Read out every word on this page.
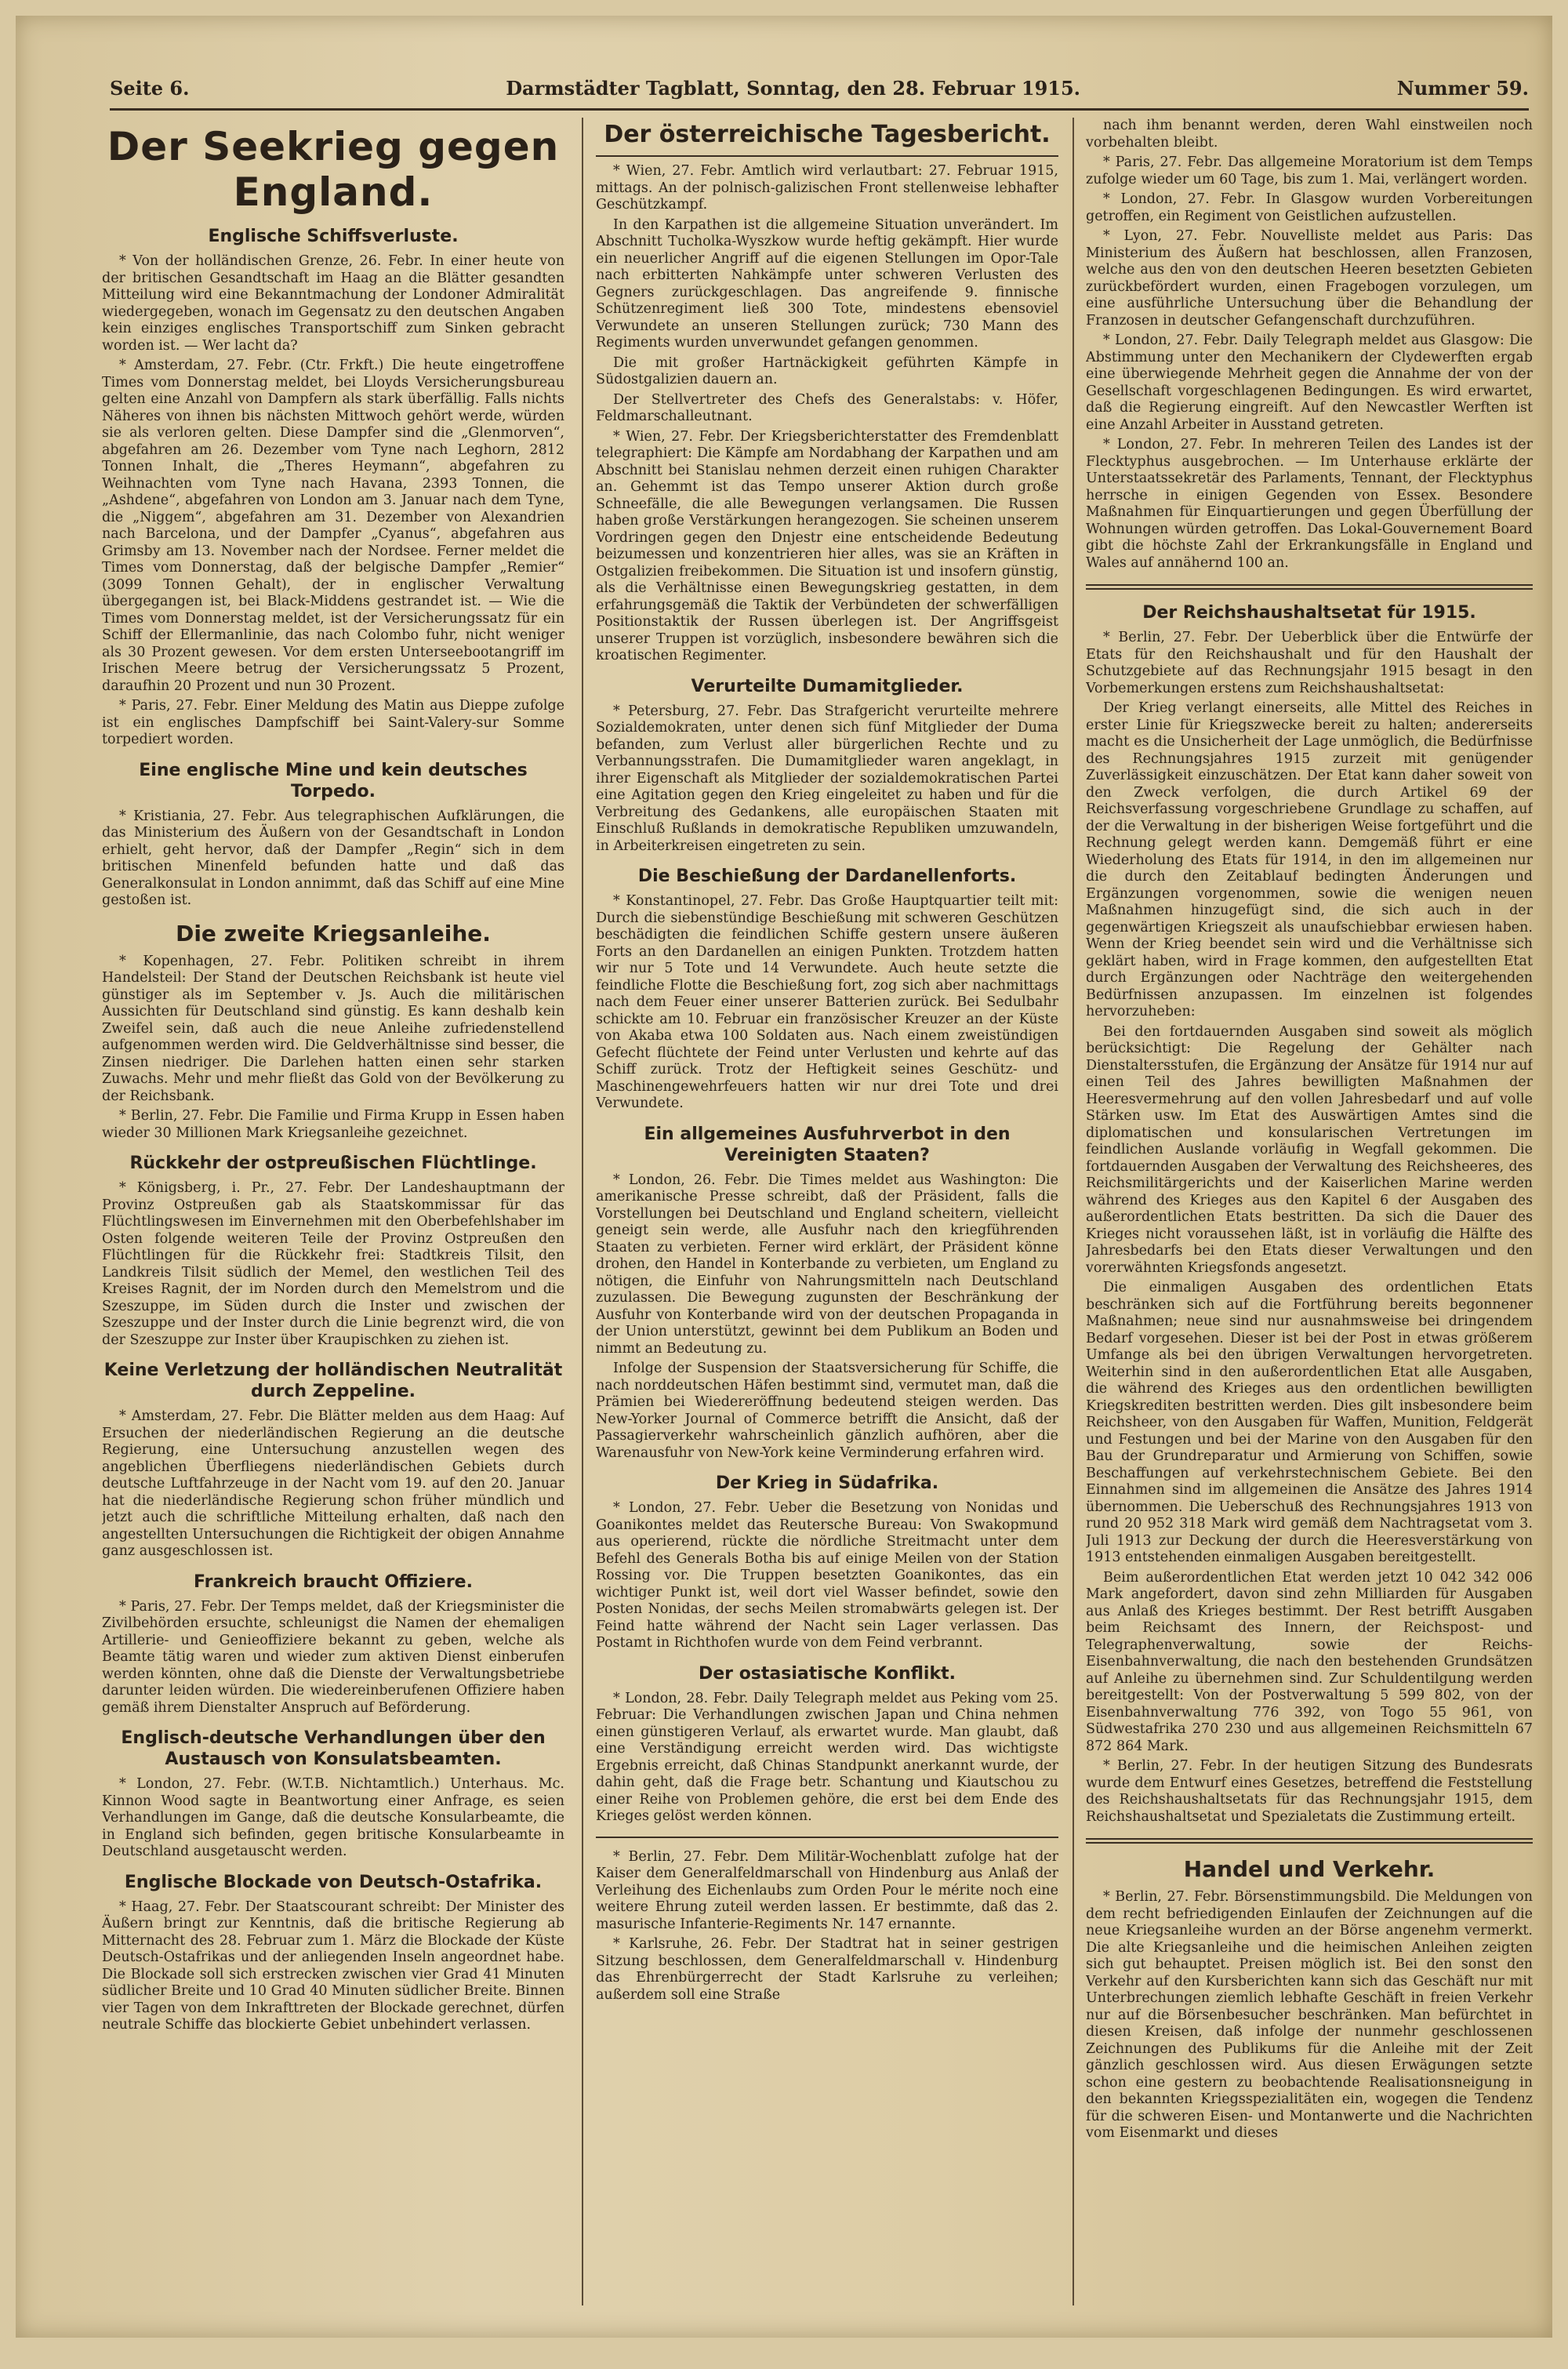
Seite 6.	Darmstädter Tagblatt, Sonntag, den 28. Februar 1915.	Nummer 59.
Der Seekrieg gegen England.
Englische Schiffsverluste.

* Von der holländischen Grenze, 26. Febr. In einer heute von der britischen Gesandtschaft im Haag an die Blätter gesandten Mitteilung wird eine Bekanntmachung der Londoner Admiralität wiedergegeben, wonach im Gegensatz zu den deutschen Angaben kein einziges englisches Transportschiff zum Sinken gebracht worden ist. — Wer lacht da?

* Amsterdam, 27. Febr. (Ctr. Frkft.) Die heute eingetroffene Times vom Donnerstag meldet, bei Lloyds Versicherungsbureau gelten eine Anzahl von Dampfern als stark überfällig. Falls nichts Näheres von ihnen bis nächsten Mittwoch gehört werde, würden sie als verloren gelten. Diese Dampfer sind die „Glenmorven“, abgefahren am 26. Dezember vom Tyne nach Leghorn, 2812 Tonnen Inhalt, die „Theres Heymann“, abgefahren zu Weihnachten vom Tyne nach Havana, 2393 Tonnen, die „Ashdene“, abgefahren von London am 3. Januar nach dem Tyne, die „Niggem“, abgefahren am 31. Dezember von Alexandrien nach Barcelona, und der Dampfer „Cyanus“, abgefahren aus Grimsby am 13. November nach der Nordsee. Ferner meldet die Times vom Donnerstag, daß der belgische Dampfer „Remier“ (3099 Tonnen Gehalt), der in englischer Verwaltung übergegangen ist, bei Black-Middens gestrandet ist. — Wie die Times vom Donnerstag meldet, ist der Versicherungssatz für ein Schiff der Ellermanlinie, das nach Colombo fuhr, nicht weniger als 30 Prozent gewesen. Vor dem ersten Unterseebootangriff im Irischen Meere betrug der Versicherungssatz 5 Prozent, daraufhin 20 Prozent und nun 30 Prozent.

* Paris, 27. Febr. Einer Meldung des Matin aus Dieppe zufolge ist ein englisches Dampfschiff bei Saint-Valery-sur Somme torpediert worden.

Eine englische Mine und kein deutsches Torpedo.

* Kristiania, 27. Febr. Aus telegraphischen Aufklärungen, die das Ministerium des Äußern von der Gesandtschaft in London erhielt, geht hervor, daß der Dampfer „Regin“ sich in dem britischen Minenfeld befunden hatte und daß das Generalkonsulat in London annimmt, daß das Schiff auf eine Mine gestoßen ist.

Die zweite Kriegsanleihe.

* Kopenhagen, 27. Febr. Politiken schreibt in ihrem Handelsteil: Der Stand der Deutschen Reichsbank ist heute viel günstiger als im September v. Js. Auch die militärischen Aussichten für Deutschland sind günstig. Es kann deshalb kein Zweifel sein, daß auch die neue Anleihe zufriedenstellend aufgenommen werden wird. Die Geldverhältnisse sind besser, die Zinsen niedriger. Die Darlehen hatten einen sehr starken Zuwachs. Mehr und mehr fließt das Gold von der Bevölkerung zu der Reichsbank.

* Berlin, 27. Febr. Die Familie und Firma Krupp in Essen haben wieder 30 Millionen Mark Kriegsanleihe gezeichnet.

Rückkehr der ostpreußischen Flüchtlinge.

* Königsberg, i. Pr., 27. Febr. Der Landeshauptmann der Provinz Ostpreußen gab als Staatskommissar für das Flüchtlingswesen im Einvernehmen mit den Oberbefehlshaber im Osten folgende weiteren Teile der Provinz Ostpreußen den Flüchtlingen für die Rückkehr frei: Stadtkreis Tilsit, den Landkreis Tilsit südlich der Memel, den westlichen Teil des Kreises Ragnit, der im Norden durch den Memelstrom und die Szeszuppe, im Süden durch die Inster und zwischen der Szeszuppe und der Inster durch die Linie begrenzt wird, die von der Szeszuppe zur Inster über Kraupischken zu ziehen ist.

Keine Verletzung der holländischen Neutralität durch Zeppeline.

* Amsterdam, 27. Febr. Die Blätter melden aus dem Haag: Auf Ersuchen der niederländischen Regierung an die deutsche Regierung, eine Untersuchung anzustellen wegen des angeblichen Überfliegens niederländischen Gebiets durch deutsche Luftfahrzeuge in der Nacht vom 19. auf den 20. Januar hat die niederländische Regierung schon früher mündlich und jetzt auch die schriftliche Mitteilung erhalten, daß nach den angestellten Untersuchungen die Richtigkeit der obigen Annahme ganz ausgeschlossen ist.

Frankreich braucht Offiziere.

* Paris, 27. Febr. Der Temps meldet, daß der Kriegsminister die Zivilbehörden ersuchte, schleunigst die Namen der ehemaligen Artillerie- und Genieoffiziere bekannt zu geben, welche als Beamte tätig waren und wieder zum aktiven Dienst einberufen werden könnten, ohne daß die Dienste der Verwaltungsbetriebe darunter leiden würden. Die wiedereinberufenen Offiziere haben gemäß ihrem Dienstalter Anspruch auf Beförderung.

Englisch-deutsche Verhandlungen über den Austausch von Konsulatsbeamten.

* London, 27. Febr. (W.T.B. Nichtamtlich.) Unterhaus. Mc. Kinnon Wood sagte in Beantwortung einer Anfrage, es seien Verhandlungen im Gange, daß die deutsche Konsularbeamte, die in England sich befinden, gegen britische Konsularbeamte in Deutschland ausgetauscht werden.

Englische Blockade von Deutsch-Ostafrika.

* Haag, 27. Febr. Der Staatscourant schreibt: Der Minister des Äußern bringt zur Kenntnis, daß die britische Regierung ab Mitternacht des 28. Februar zum 1. März die Blockade der Küste Deutsch-Ostafrikas und der anliegenden Inseln angeordnet habe. Die Blockade soll sich erstrecken zwischen vier Grad 41 Minuten südlicher Breite und 10 Grad 40 Minuten südlicher Breite. Binnen vier Tagen von dem Inkrafttreten der Blockade gerechnet, dürfen neutrale Schiffe das blockierte Gebiet unbehindert verlassen.

Der österreichische Tagesbericht.

* Wien, 27. Febr. Amtlich wird verlautbart: 27. Februar 1915, mittags. An der polnisch-galizischen Front stellenweise lebhafter Geschützkampf.

In den Karpathen ist die allgemeine Situation unverändert. Im Abschnitt Tucholka-Wyszkow wurde heftig gekämpft. Hier wurde ein neuerlicher Angriff auf die eigenen Stellungen im Opor-Tale nach erbitterten Nahkämpfe unter schweren Verlusten des Gegners zurückgeschlagen. Das angreifende 9. finnische Schützenregiment ließ 300 Tote, mindestens ebensoviel Verwundete an unseren Stellungen zurück; 730 Mann des Regiments wurden unverwundet gefangen genommen.

Die mit großer Hartnäckigkeit geführten Kämpfe in Südostgalizien dauern an.

Der Stellvertreter des Chefs des Generalstabs: v. Höfer, Feldmarschalleutnant.

* Wien, 27. Febr. Der Kriegsberichterstatter des Fremdenblatt telegraphiert: Die Kämpfe am Nordabhang der Karpathen und am Abschnitt bei Stanislau nehmen derzeit einen ruhigen Charakter an. Gehemmt ist das Tempo unserer Aktion durch große Schneefälle, die alle Bewegungen verlangsamen. Die Russen haben große Verstärkungen herangezogen. Sie scheinen unserem Vordringen gegen den Dnjestr eine entscheidende Bedeutung beizumessen und konzentrieren hier alles, was sie an Kräften in Ostgalizien freibekommen. Die Situation ist und insofern günstig, als die Verhältnisse einen Bewegungskrieg gestatten, in dem erfahrungsgemäß die Taktik der Verbündeten der schwerfälligen Positionstaktik der Russen überlegen ist. Der Angriffsgeist unserer Truppen ist vorzüglich, insbesondere bewähren sich die kroatischen Regimenter.

Verurteilte Dumamitglieder.

* Petersburg, 27. Febr. Das Strafgericht verurteilte mehrere Sozialdemokraten, unter denen sich fünf Mitglieder der Duma befanden, zum Verlust aller bürgerlichen Rechte und zu Verbannungsstrafen. Die Dumamitglieder waren angeklagt, in ihrer Eigenschaft als Mitglieder der sozialdemokratischen Partei eine Agitation gegen den Krieg eingeleitet zu haben und für die Verbreitung des Gedankens, alle europäischen Staaten mit Einschluß Rußlands in demokratische Republiken umzuwandeln, in Arbeiterkreisen eingetreten zu sein.

Die Beschießung der Dardanellenforts.

* Konstantinopel, 27. Febr. Das Große Hauptquartier teilt mit: Durch die siebenstündige Beschießung mit schweren Geschützen beschädigten die feindlichen Schiffe gestern unsere äußeren Forts an den Dardanellen an einigen Punkten. Trotzdem hatten wir nur 5 Tote und 14 Verwundete. Auch heute setzte die feindliche Flotte die Beschießung fort, zog sich aber nachmittags nach dem Feuer einer unserer Batterien zurück. Bei Sedulbahr schickte am 10. Februar ein französischer Kreuzer an der Küste von Akaba etwa 100 Soldaten aus. Nach einem zweistündigen Gefecht flüchtete der Feind unter Verlusten und kehrte auf das Schiff zurück. Trotz der Heftigkeit seines Geschütz- und Maschinengewehrfeuers hatten wir nur drei Tote und drei Verwundete.

Ein allgemeines Ausfuhrverbot in den Vereinigten Staaten?

* London, 26. Febr. Die Times meldet aus Washington: Die amerikanische Presse schreibt, daß der Präsident, falls die Vorstellungen bei Deutschland und England scheitern, vielleicht geneigt sein werde, alle Ausfuhr nach den kriegführenden Staaten zu verbieten. Ferner wird erklärt, der Präsident könne drohen, den Handel in Konterbande zu verbieten, um England zu nötigen, die Einfuhr von Nahrungsmitteln nach Deutschland zuzulassen. Die Bewegung zugunsten der Beschränkung der Ausfuhr von Konterbande wird von der deutschen Propaganda in der Union unterstützt, gewinnt bei dem Publikum an Boden und nimmt an Bedeutung zu.

Infolge der Suspension der Staatsversicherung für Schiffe, die nach norddeutschen Häfen bestimmt sind, vermutet man, daß die Prämien bei Wiedereröffnung bedeutend steigen werden. Das New-Yorker Journal of Commerce betrifft die Ansicht, daß der Passagierverkehr wahrscheinlich gänzlich aufhören, aber die Warenausfuhr von New-York keine Verminderung erfahren wird.

Der Krieg in Südafrika.

* London, 27. Febr. Ueber die Besetzung von Nonidas und Goanikontes meldet das Reutersche Bureau: Von Swakopmund aus operierend, rückte die nördliche Streitmacht unter dem Befehl des Generals Botha bis auf einige Meilen von der Station Rossing vor. Die Truppen besetzten Goanikontes, das ein wichtiger Punkt ist, weil dort viel Wasser befindet, sowie den Posten Nonidas, der sechs Meilen stromabwärts gelegen ist. Der Feind hatte während der Nacht sein Lager verlassen. Das Postamt in Richthofen wurde von dem Feind verbrannt.

Der ostasiatische Konflikt.

* London, 28. Febr. Daily Telegraph meldet aus Peking vom 25. Februar: Die Verhandlungen zwischen Japan und China nehmen einen günstigeren Verlauf, als erwartet wurde. Man glaubt, daß eine Verständigung erreicht werden wird. Das wichtigste Ergebnis erreicht, daß Chinas Standpunkt anerkannt wurde, der dahin geht, daß die Frage betr. Schantung und Kiautschou zu einer Reihe von Problemen gehöre, die erst bei dem Ende des Krieges gelöst werden können.

* Berlin, 27. Febr. Dem Militär-Wochenblatt zufolge hat der Kaiser dem Generalfeldmarschall von Hindenburg aus Anlaß der Verleihung des Eichenlaubs zum Orden Pour le mérite noch eine weitere Ehrung zuteil werden lassen. Er bestimmte, daß das 2. masurische Infanterie-Regiments Nr. 147 ernannte.

* Karlsruhe, 26. Febr. Der Stadtrat hat in seiner gestrigen Sitzung beschlossen, dem Generalfeldmarschall v. Hindenburg das Ehrenbürgerrecht der Stadt Karlsruhe zu verleihen; außerdem soll eine Straße

nach ihm benannt werden, deren Wahl einstweilen noch vorbehalten bleibt.

* Paris, 27. Febr. Das allgemeine Moratorium ist dem Temps zufolge wieder um 60 Tage, bis zum 1. Mai, verlängert worden.

* London, 27. Febr. In Glasgow wurden Vorbereitungen getroffen, ein Regiment von Geistlichen aufzustellen.

* Lyon, 27. Febr. Nouvelliste meldet aus Paris: Das Ministerium des Äußern hat beschlossen, allen Franzosen, welche aus den von den deutschen Heeren besetzten Gebieten zurückbefördert wurden, einen Fragebogen vorzulegen, um eine ausführliche Untersuchung über die Behandlung der Franzosen in deutscher Gefangenschaft durchzuführen.

* London, 27. Febr. Daily Telegraph meldet aus Glasgow: Die Abstimmung unter den Mechanikern der Clydewerften ergab eine überwiegende Mehrheit gegen die Annahme der von der Gesellschaft vorgeschlagenen Bedingungen. Es wird erwartet, daß die Regierung eingreift. Auf den Newcastler Werften ist eine Anzahl Arbeiter in Ausstand getreten.

* London, 27. Febr. In mehreren Teilen des Landes ist der Flecktyphus ausgebrochen. — Im Unterhause erklärte der Unterstaatssekretär des Parlaments, Tennant, der Flecktyphus herrsche in einigen Gegenden von Essex. Besondere Maßnahmen für Einquartierungen und gegen Überfüllung der Wohnungen würden getroffen. Das Lokal-Gouvernement Board gibt die höchste Zahl der Erkrankungsfälle in England und Wales auf annähernd 100 an.

Der Reichshaushaltsetat für 1915.

* Berlin, 27. Febr. Der Ueberblick über die Entwürfe der Etats für den Reichshaushalt und für den Haushalt der Schutzgebiete auf das Rechnungsjahr 1915 besagt in den Vorbemerkungen erstens zum Reichshaushaltsetat:

Der Krieg verlangt einerseits, alle Mittel des Reiches in erster Linie für Kriegszwecke bereit zu halten; andererseits macht es die Unsicherheit der Lage unmöglich, die Bedürfnisse des Rechnungsjahres 1915 zurzeit mit genügender Zuverlässigkeit einzuschätzen. Der Etat kann daher soweit von den Zweck verfolgen, die durch Artikel 69 der Reichsverfassung vorgeschriebene Grundlage zu schaffen, auf der die Verwaltung in der bisherigen Weise fortgeführt und die Rechnung gelegt werden kann. Demgemäß führt er eine Wiederholung des Etats für 1914, in den im allgemeinen nur die durch den Zeitablauf bedingten Änderungen und Ergänzungen vorgenommen, sowie die wenigen neuen Maßnahmen hinzugefügt sind, die sich auch in der gegenwärtigen Kriegszeit als unaufschiebbar erwiesen haben. Wenn der Krieg beendet sein wird und die Verhältnisse sich geklärt haben, wird in Frage kommen, den aufgestellten Etat durch Ergänzungen oder Nachträge den weitergehenden Bedürfnissen anzupassen. Im einzelnen ist folgendes hervorzuheben:

Bei den fortdauernden Ausgaben sind soweit als möglich berücksichtigt: Die Regelung der Gehälter nach Dienstaltersstufen, die Ergänzung der Ansätze für 1914 nur auf einen Teil des Jahres bewilligten Maßnahmen der Heeresvermehrung auf den vollen Jahresbedarf und auf volle Stärken usw. Im Etat des Auswärtigen Amtes sind die diplomatischen und konsularischen Vertretungen im feindlichen Auslande vorläufig in Wegfall gekommen. Die fortdauernden Ausgaben der Verwaltung des Reichsheeres, des Reichsmilitärgerichts und der Kaiserlichen Marine werden während des Krieges aus den Kapitel 6 der Ausgaben des außerordentlichen Etats bestritten. Da sich die Dauer des Krieges nicht voraussehen läßt, ist in vorläufig die Hälfte des Jahresbedarfs bei den Etats dieser Verwaltungen und den vorerwähnten Kriegsfonds angesetzt.

Die einmaligen Ausgaben des ordentlichen Etats beschränken sich auf die Fortführung bereits begonnener Maßnahmen; neue sind nur ausnahmsweise bei dringendem Bedarf vorgesehen. Dieser ist bei der Post in etwas größerem Umfange als bei den übrigen Verwaltungen hervorgetreten. Weiterhin sind in den außerordentlichen Etat alle Ausgaben, die während des Krieges aus den ordentlichen bewilligten Kriegskrediten bestritten werden. Dies gilt insbesondere beim Reichsheer, von den Ausgaben für Waffen, Munition, Feldgerät und Festungen und bei der Marine von den Ausgaben für den Bau der Grundreparatur und Armierung von Schiffen, sowie Beschaffungen auf verkehrstechnischem Gebiete. Bei den Einnahmen sind im allgemeinen die Ansätze des Jahres 1914 übernommen. Die Ueberschuß des Rechnungsjahres 1913 von rund 20 952 318 Mark wird gemäß dem Nachtragsetat vom 3. Juli 1913 zur Deckung der durch die Heeresverstärkung von 1913 entstehenden einmaligen Ausgaben bereitgestellt.

Beim außerordentlichen Etat werden jetzt 10 042 342 006 Mark angefordert, davon sind zehn Milliarden für Ausgaben aus Anlaß des Krieges bestimmt. Der Rest betrifft Ausgaben beim Reichsamt des Innern, der Reichspost- und Telegraphenverwaltung, sowie der Reichs-Eisenbahnverwaltung, die nach den bestehenden Grundsätzen auf Anleihe zu übernehmen sind. Zur Schuldentilgung werden bereitgestellt: Von der Postverwaltung 5 599 802, von der Eisenbahnverwaltung 776 392, von Togo 55 961, von Südwestafrika 270 230 und aus allgemeinen Reichsmitteln 67 872 864 Mark.

* Berlin, 27. Febr. In der heutigen Sitzung des Bundesrats wurde dem Entwurf eines Gesetzes, betreffend die Feststellung des Reichshaushaltsetats für das Rechnungsjahr 1915, dem Reichshaushaltsetat und Spezialetats die Zustimmung erteilt.

Handel und Verkehr.

* Berlin, 27. Febr. Börsenstimmungsbild. Die Meldungen von dem recht befriedigenden Einlaufen der Zeichnungen auf die neue Kriegsanleihe wurden an der Börse angenehm vermerkt. Die alte Kriegsanleihe und die heimischen Anleihen zeigten sich gut behauptet. Preisen möglich ist. Bei den sonst den Verkehr auf den Kursberichten kann sich das Geschäft nur mit Unterbrechungen ziemlich lebhafte Geschäft in freien Verkehr nur auf die Börsenbesucher beschränken. Man befürchtet in diesen Kreisen, daß infolge der nunmehr geschlossenen Zeichnungen des Publikums für die Anleihe mit der Zeit gänzlich geschlossen wird. Aus diesen Erwägungen setzte schon eine gestern zu beobachtende Realisationsneigung in den bekannten Kriegsspezialitäten ein, wogegen die Tendenz für die schweren Eisen- und Montanwerte und die Nachrichten vom Eisenmarkt und dieses
